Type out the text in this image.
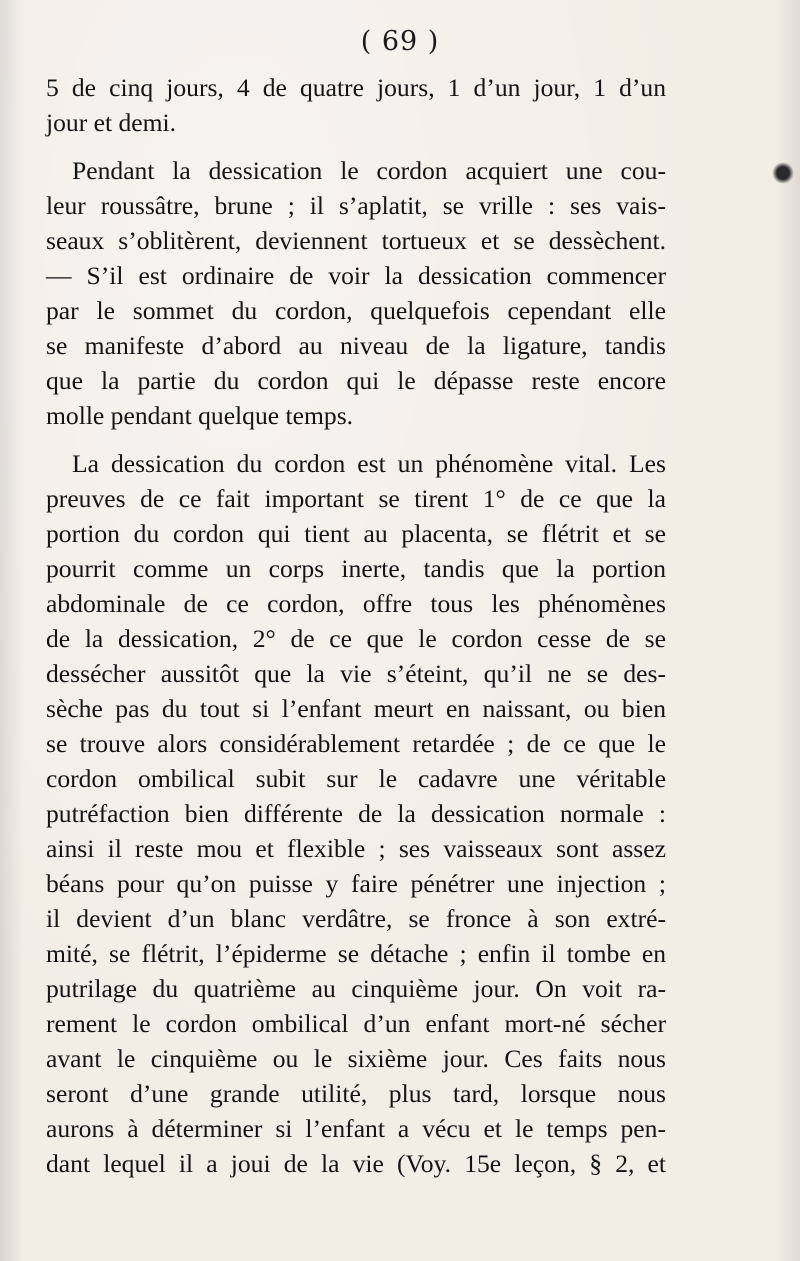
( 69 )
5 de cinq jours, 4 de quatre jours, 1 d’un jour, 1 d’un
jour et demi.
Pendant la dessication le cordon acquiert une cou-
leur roussâtre, brune ; il s’aplatit, se vrille : ses vais-
seaux s’oblitèrent, deviennent tortueux et se dessèchent.
— S’il est ordinaire de voir la dessication commencer
par le sommet du cordon, quelquefois cependant elle
se manifeste d’abord au niveau de la ligature, tandis
que la partie du cordon qui le dépasse reste encore
molle pendant quelque temps.
La dessication du cordon est un phénomène vital. Les
preuves de ce fait important se tirent 1° de ce que la
portion du cordon qui tient au placenta, se flétrit et se
pourrit comme un corps inerte, tandis que la portion
abdominale de ce cordon, offre tous les phénomènes
de la dessication, 2° de ce que le cordon cesse de se
dessécher aussitôt que la vie s’éteint, qu’il ne se des-
sèche pas du tout si l’enfant meurt en naissant, ou bien
se trouve alors considérablement retardée ; de ce que le
cordon ombilical subit sur le cadavre une véritable
putréfaction bien différente de la dessication normale :
ainsi il reste mou et flexible ; ses vaisseaux sont assez
béans pour qu’on puisse y faire pénétrer une injection ;
il devient d’un blanc verdâtre, se fronce à son extré-
mité, se flétrit, l’épiderme se détache ; enfin il tombe en
putrilage du quatrième au cinquième jour. On voit ra-
rement le cordon ombilical d’un enfant mort-né sécher
avant le cinquième ou le sixième jour. Ces faits nous
seront d’une grande utilité, plus tard, lorsque nous
aurons à déterminer si l’enfant a vécu et le temps pen-
dant lequel il a joui de la vie (Voy. 15e leçon, § 2, et
